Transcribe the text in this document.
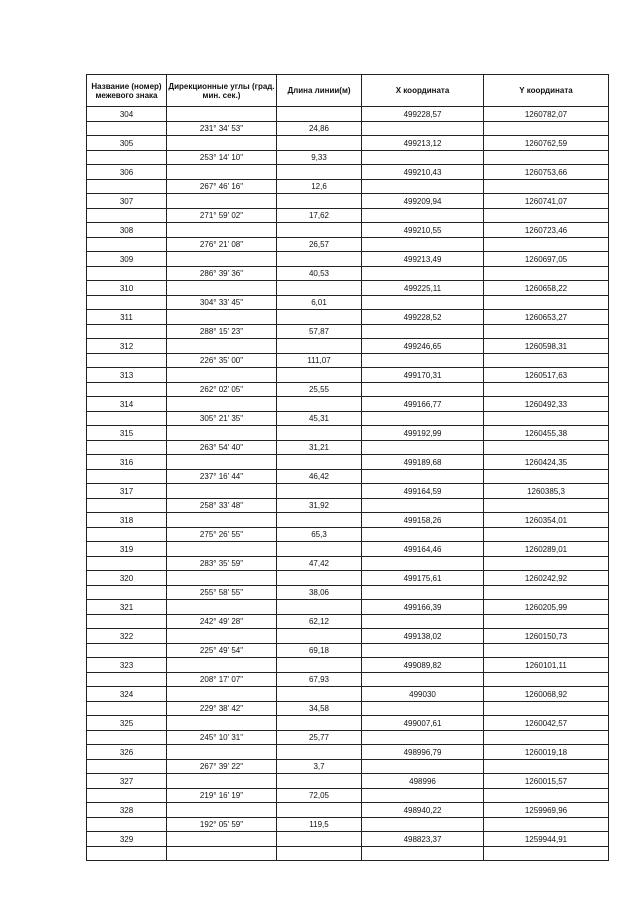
Название (номер) межевого знака	Дирекционные углы (град. мин. сек.)	Длина линии(м)	X координата	Y координата

304	231° 34' 53"	24,86	499228,57	1260782,07

305	253° 14' 10"	9,33	499213,12	1260762,59

306	267° 46' 16"	12,6	499210,43	1260753,66

307	271° 59' 02"	17,62	499209,94	1260741,07

308	276° 21' 08"	26,57	499210,55	1260723,46

309	286° 39' 36"	40,53	499213,49	1260697,05

310	304° 33' 45"	6,01	499225,11	1260658,22

311	288° 15' 23"	57,87	499228,52	1260653,27

312	226° 35' 00"	111,07	499246,65	1260598,31

313	262° 02' 05"	25,55	499170,31	1260517,63

314	305° 21' 35"	45,31	499166,77	1260492,33

315	263° 54' 40"	31,21	499192,99	1260455,38

316	237° 16' 44"	46,42	499189,68	1260424,35

317	258° 33' 48"	31,92	499164,59	1260385,3

318	275° 26' 55"	65,3	499158,26	1260354,01

319	283° 35' 59"	47,42	499164,46	1260289,01

320	255° 58' 55"	38,06	499175,61	1260242,92

321	242° 49' 28"	62,12	499166,39	1260205,99

322	225° 49' 54"	69,18	499138,02	1260150,73

323	208° 17' 07"	67,93	499089,82	1260101,11

324	229° 38' 42"	34,58	499030	1260068,92

325	245° 10' 31"	25,77	499007,61	1260042,57

326	267° 39' 22"	3,7	498996,79	1260019,18

327	219° 16' 19"	72,05	498996	1260015,57

328	192° 05' 59"	119,5	498940,22	1259969,96

329			498823,37	1259944,91
